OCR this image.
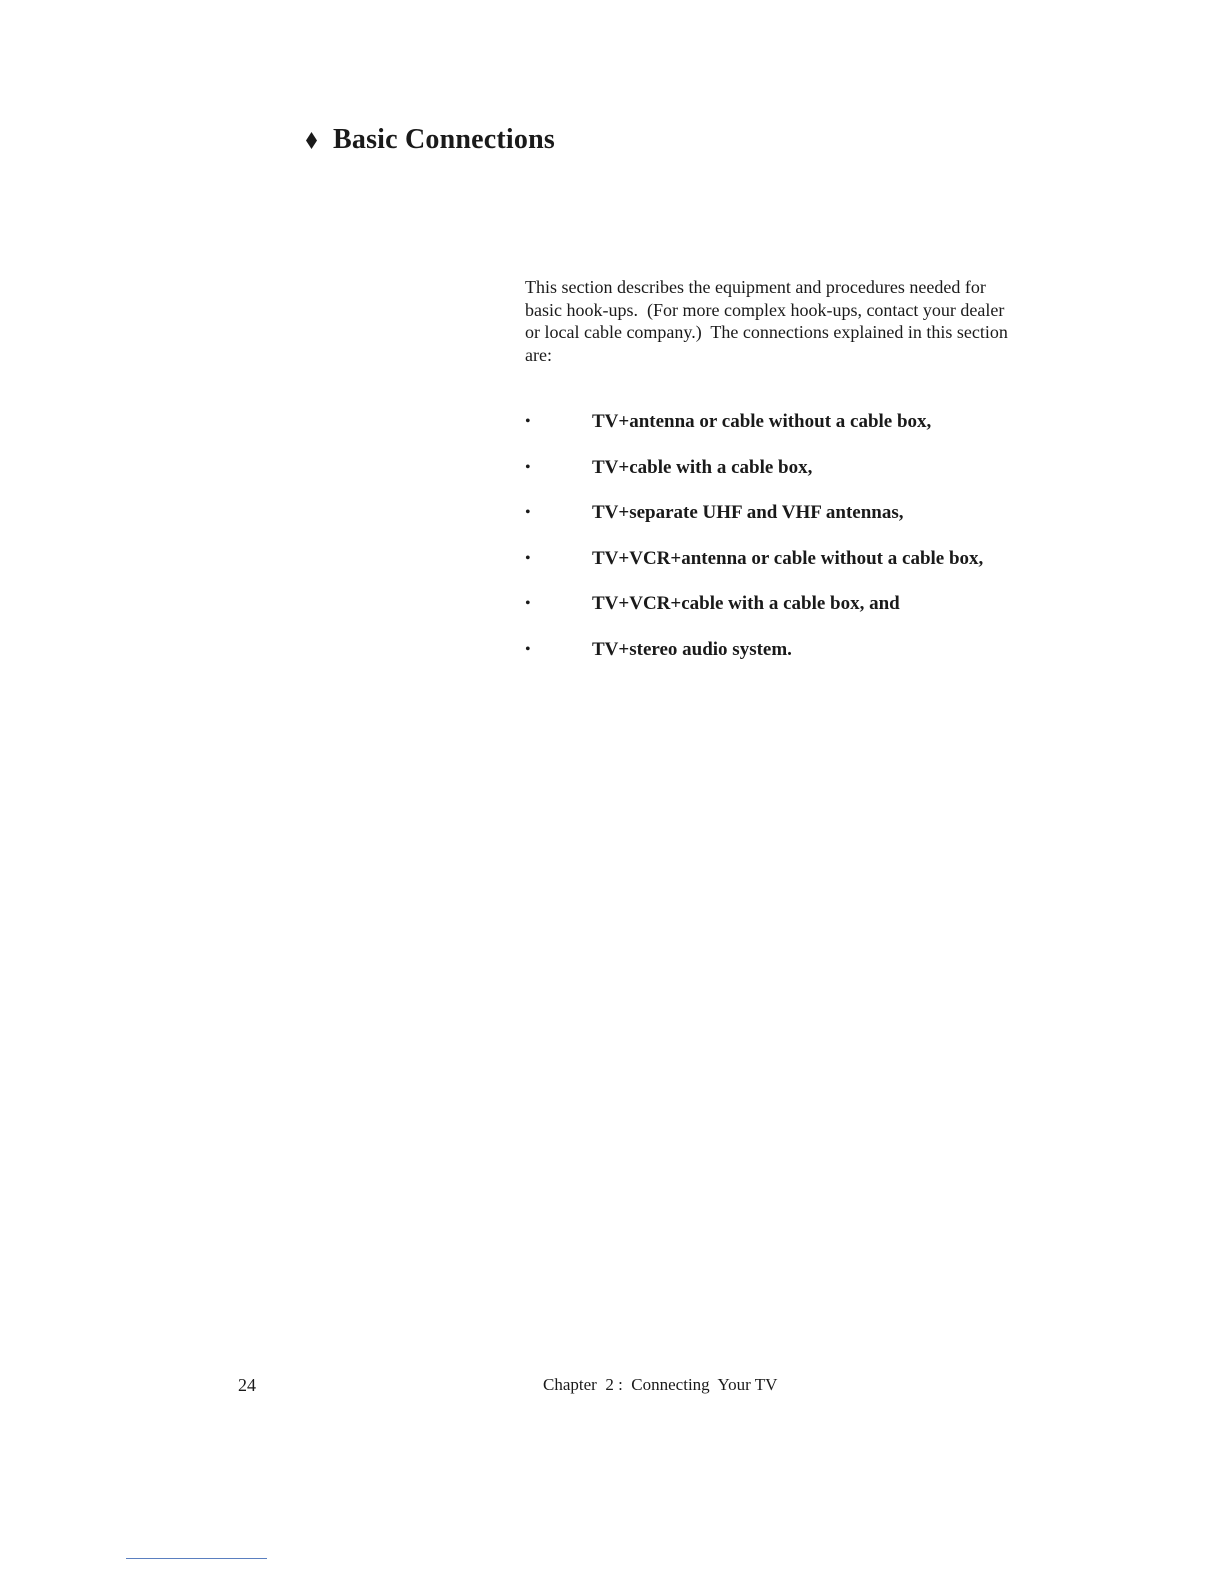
Basic Connections

This section describes the equipment and procedures needed for
basic hook-ups.  (For more complex hook-ups, contact your dealer
or local cable company.)  The connections explained in this section
are:

•	TV+antenna or cable without a cable box,
•	TV+cable with a cable box,
•	TV+separate UHF and VHF antennas,
•	TV+VCR+antenna or cable without a cable box,
•	TV+VCR+cable with a cable box, and
•	TV+stereo audio system.
24	Chapter  2 :  Connecting  Your TV
